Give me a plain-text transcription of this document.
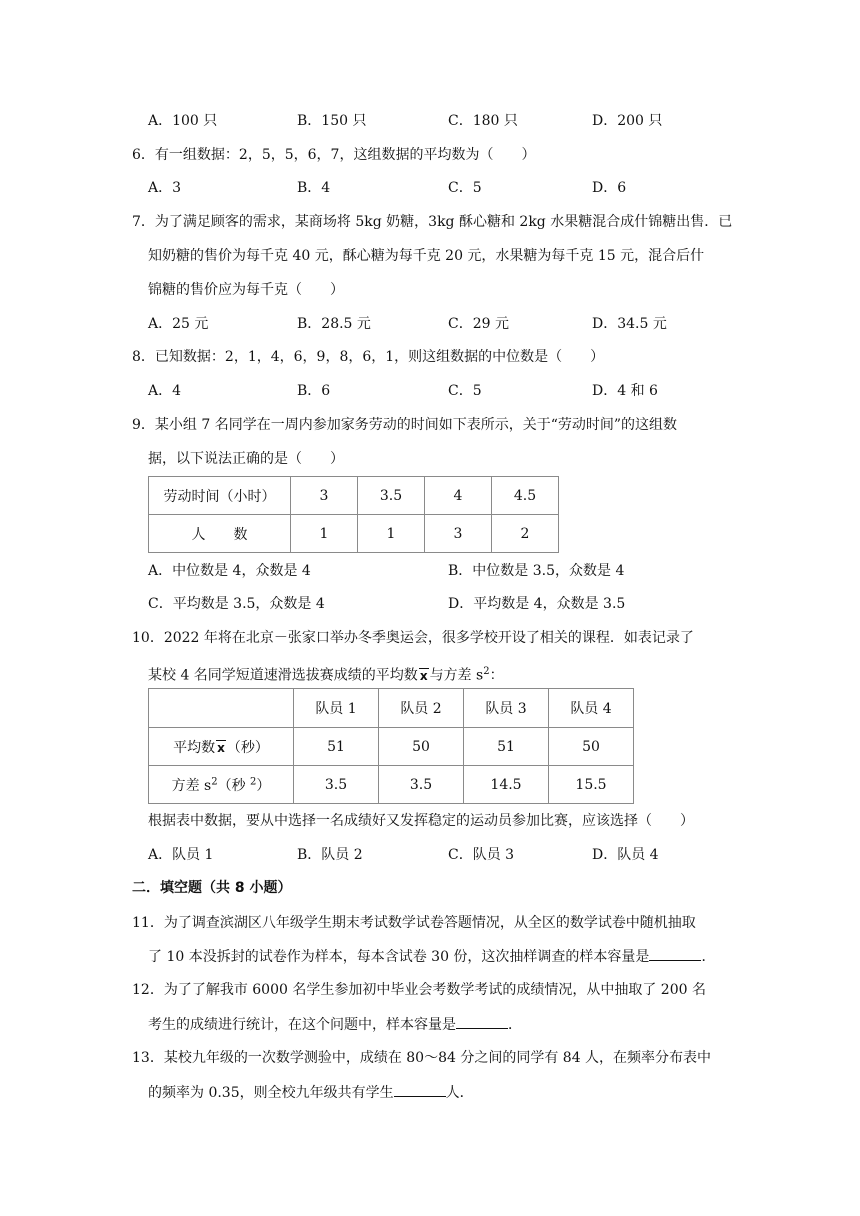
A．100 只	B．150 只	C．180 只	D．200 只
6．有一组数据：2，5，5，6，7，这组数据的平均数为（　　）
A．3	B．4	C．5	D．6
7．为了满足顾客的需求，某商场将 5kg 奶糖，3kg 酥心糖和 2kg 水果糖混合成什锦糖出售．已
知奶糖的售价为每千克 40 元，酥心糖为每千克 20 元，水果糖为每千克 15 元，混合后什
锦糖的售价应为每千克（　　）
A．25 元	B．28.5 元	C．29 元	D．34.5 元
8．已知数据：2，1，4，6，9，8，6，1，则这组数据的中位数是（　　）
A．4	B．6	C．5	D．4 和 6
9．某小组 7 名同学在一周内参加家务劳动的时间如下表所示，关于“劳动时间”的这组数
据，以下说法正确的是（　　）
劳动时间（小时）	3	3.5	4	4.5
人　　数	1	1	3	2
A．中位数是 4，众数是 4	B．中位数是 3.5，众数是 4
C．平均数是 3.5，众数是 4	D．平均数是 4，众数是 3.5
10．2022 年将在北京－张家口举办冬季奥运会，很多学校开设了相关的课程．如表记录了
某校 4 名同学短道速滑选拔赛成绩的平均数 x 与方差 $s^2$：
	队员 1	队员 2	队员 3	队员 4
平均数 x （秒）	51	50	51	50
方差 $s^2$（秒 $^2$）	3.5	3.5	14.5	15.5
根据表中数据，要从中选择一名成绩好又发挥稳定的运动员参加比赛，应该选择（　　）
A．队员 1	B．队员 2	C．队员 3	D．队员 4
二．填空题（共 8 小题）
11．为了调查滨湖区八年级学生期末考试数学试卷答题情况，从全区的数学试卷中随机抽取
了 10 本没拆封的试卷作为样本，每本含试卷 30 份，这次抽样调查的样本容量是	．
12．为了了解我市 6000 名学生参加初中毕业会考数学考试的成绩情况，从中抽取了 200 名
考生的成绩进行统计，在这个问题中，样本容量是	．
13．某校九年级的一次数学测验中，成绩在 80～84 分之间的同学有 84 人，在频率分布表中
的频率为 0.35，则全校九年级共有学生	人．
